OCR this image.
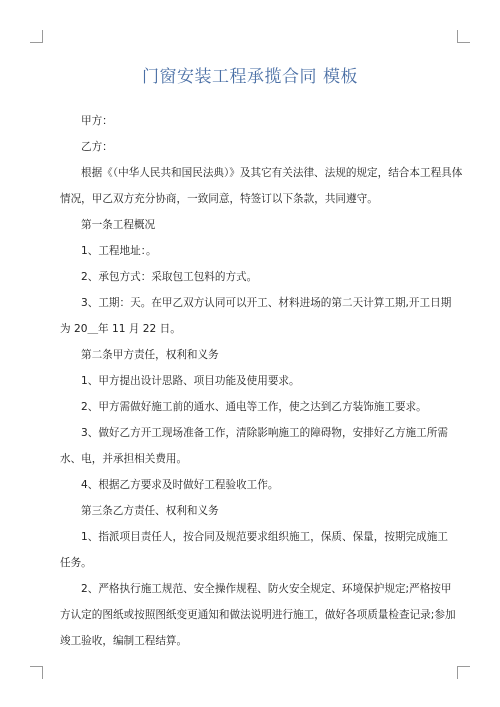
门窗安装工程承揽合同 模板

甲方：

乙方：

根据《（中华人民共和国民法典）》及其它有关法律、法规的规定，结合本工程具体

情况，甲乙双方充分协商，一致同意，特签订以下条款，共同遵守。

第一条工程概况

1、工程地址：。

2、承包方式：采取包工包料的方式。

3、工期：天。在甲乙双方认同可以开工、材料进场的第二天计算工期,开工日期

为 20＿年 11 月 22 日。

第二条甲方责任，权利和义务

1、甲方提出设计思路、项目功能及使用要求。

2、甲方需做好施工前的通水、通电等工作，使之达到乙方装饰施工要求。

3、做好乙方开工现场准备工作，清除影响施工的障碍物，安排好乙方施工所需

水、电，并承担相关费用。

4、根据乙方要求及时做好工程验收工作。

第三条乙方责任、权利和义务

1、指派项目责任人，按合同及规范要求组织施工，保质、保量，按期完成施工

任务。

2、严格执行施工规范、安全操作规程、防火安全规定、环境保护规定;严格按甲

方认定的图纸或按照图纸变更通知和做法说明进行施工，做好各项质量检查记录;参加

竣工验收，编制工程结算。
